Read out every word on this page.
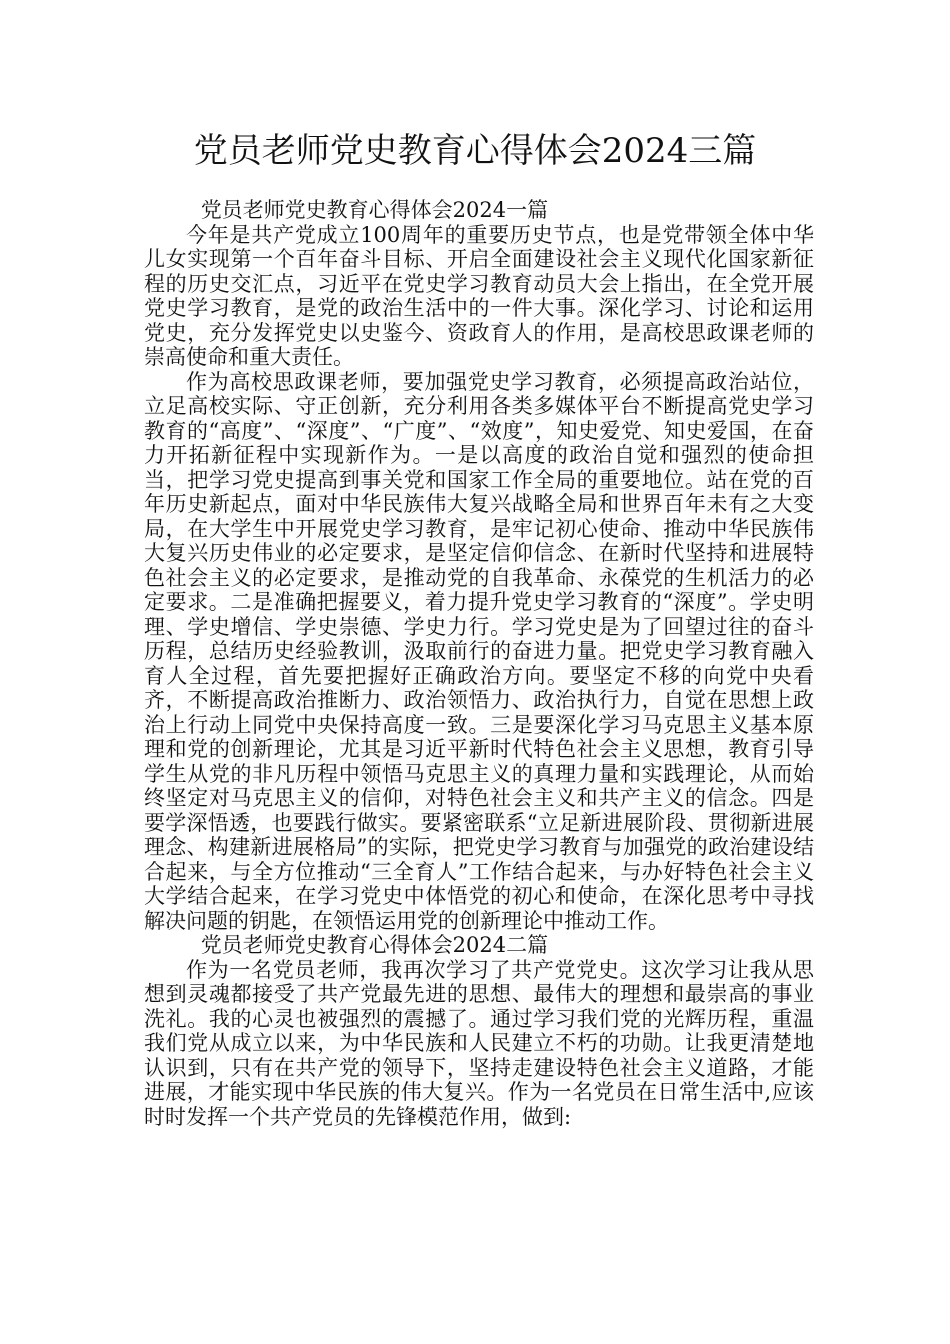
党员老师党史教育心得体会2024三篇

党员老师党史教育心得体会2024一篇

今年是共产党成立100周年的重要历史节点，也是党带领全体中华儿女实现第一个百年奋斗目标、开启全面建设社会主义现代化国家新征程的历史交汇点，习近平在党史学习教育动员大会上指出，在全党开展党史学习教育，是党的政治生活中的一件大事。深化学习、讨论和运用党史，充分发挥党史以史鉴今、资政育人的作用，是高校思政课老师的崇高使命和重大责任。

作为高校思政课老师，要加强党史学习教育，必须提高政治站位，立足高校实际、守正创新，充分利用各类多媒体平台不断提高党史学习教育的“高度”、“深度”、“广度”、“效度”，知史爱党、知史爱国，在奋力开拓新征程中实现新作为。一是以高度的政治自觉和强烈的使命担当，把学习党史提高到事关党和国家工作全局的重要地位。站在党的百年历史新起点，面对中华民族伟大复兴战略全局和世界百年未有之大变局，在大学生中开展党史学习教育，是牢记初心使命、推动中华民族伟大复兴历史伟业的必定要求，是坚定信仰信念、在新时代坚持和进展特色社会主义的必定要求，是推动党的自我革命、永葆党的生机活力的必定要求。二是准确把握要义，着力提升党史学习教育的“深度”。学史明理、学史增信、学史崇德、学史力行。学习党史是为了回望过往的奋斗历程，总结历史经验教训，汲取前行的奋进力量。把党史学习教育融入育人全过程，首先要把握好正确政治方向。要坚定不移的向党中央看齐，不断提高政治推断力、政治领悟力、政治执行力，自觉在思想上政治上行动上同党中央保持高度一致。三是要深化学习马克思主义基本原理和党的创新理论，尤其是习近平新时代特色社会主义思想，教育引导学生从党的非凡历程中领悟马克思主义的真理力量和实践理论，从而始终坚定对马克思主义的信仰，对特色社会主义和共产主义的信念。四是要学深悟透，也要践行做实。要紧密联系“立足新进展阶段、贯彻新进展理念、构建新进展格局”的实际，把党史学习教育与加强党的政治建设结合起来，与全方位推动“三全育人”工作结合起来，与办好特色社会主义大学结合起来，在学习党史中体悟党的初心和使命，在深化思考中寻找解决问题的钥匙，在领悟运用党的创新理论中推动工作。

党员老师党史教育心得体会2024二篇

作为一名党员老师，我再次学习了共产党党史。这次学习让我从思想到灵魂都接受了共产党最先进的思想、最伟大的理想和最崇高的事业洗礼。我的心灵也被强烈的震撼了。通过学习我们党的光辉历程，重温我们党从成立以来，为中华民族和人民建立不朽的功勋。让我更清楚地认识到，只有在共产党的领导下，坚持走建设特色社会主义道路，才能进展，才能实现中华民族的伟大复兴。作为一名党员在日常生活中,应该时时发挥一个共产党员的先锋模范作用，做到:
